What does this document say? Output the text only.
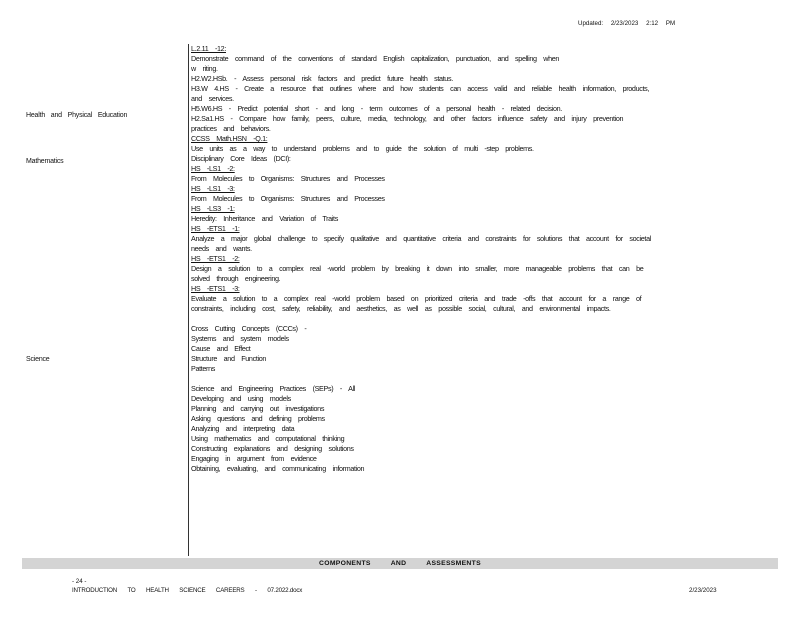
Updated: 2/23/2023 2:12 PM
Health and Physical Education
Mathematics
Science
L.2.11 -12:
Demonstrate command of the conventions of standard English capitalization, punctuation, and spelling when
w riting.
H2.W2.HSb. - Assess personal risk factors and predict future health status.
H3.W 4.HS - Create a resource that outlines where and how students can access valid and reliable health information, products,
and services.
H5.W6.HS - Predict potential short - and long - term outcomes of a personal health - related decision.
H2.Sa1.HS - Compare how family, peers, culture, media, technology, and other factors influence safety and injury prevention
practices and behaviors.
CCSS Math.HSN -Q.1:
Use units as a way to understand problems and to guide the solution of multi -step problems.
Disciplinary Core Ideas (DCI):
HS -LS1 -2:
From Molecules to Organisms: Structures and Processes
HS -LS1 -3:
From Molecules to Organisms: Structures and Processes
HS -LS3 -1:
Heredity: Inheritance and Variation of Traits
HS -ETS1 -1:
Analyze a major global challenge to specify qualitative and quantitative criteria and constraints for solutions that account for societal
needs and wants.
HS -ETS1 -2:
Design a solution to a complex real -world problem by breaking it down into smaller, more manageable problems that can be
solved through engineering.
HS -ETS1 -3:
Evaluate a solution to a complex real -world problem based on prioritized criteria and trade -offs that account for a range of
constraints, including cost, safety, reliability, and aesthetics, as well as possible social, cultural, and environmental impacts.
Cross Cutting Concepts (CCCs) -
Systems and system models
Cause and Effect
Structure and Function
Patterns
Science and Engineering Practices (SEPs) - All
Developing and using models
Planning and carrying out investigations
Asking questions and defining problems
Analyzing and interpreting data
Using mathematics and computational thinking
Constructing explanations and designing solutions
Engaging in argument from evidence
Obtaining, evaluating, and communicating information
COMPONENTS AND ASSESSMENTS
- 24 -
INTRODUCTION TO HEALTH SCIENCE CAREERS - 07.2022.docx	2/23/2023
